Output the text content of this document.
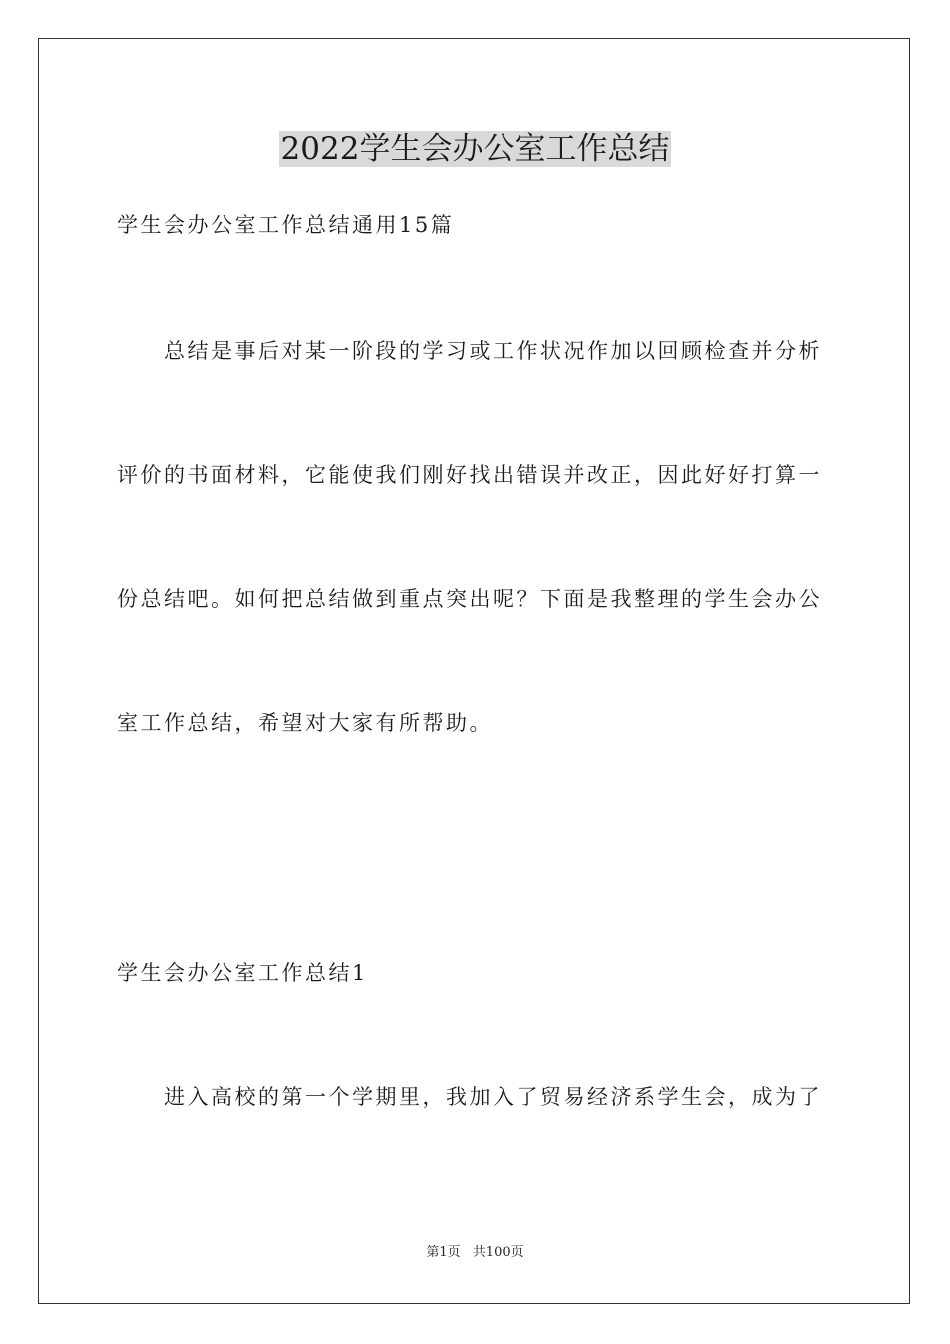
2022学生会办公室工作总结

学生会办公室工作总结通用15篇

总结是事后对某一阶段的学习或工作状况作加以回顾检查并分析

评价的书面材料，它能使我们刚好找出错误并改正，因此好好打算一

份总结吧。如何把总结做到重点突出呢？下面是我整理的学生会办公

室工作总结，希望对大家有所帮助。

学生会办公室工作总结1

进入高校的第一个学期里，我加入了贸易经济系学生会，成为了

第1页 共100页
